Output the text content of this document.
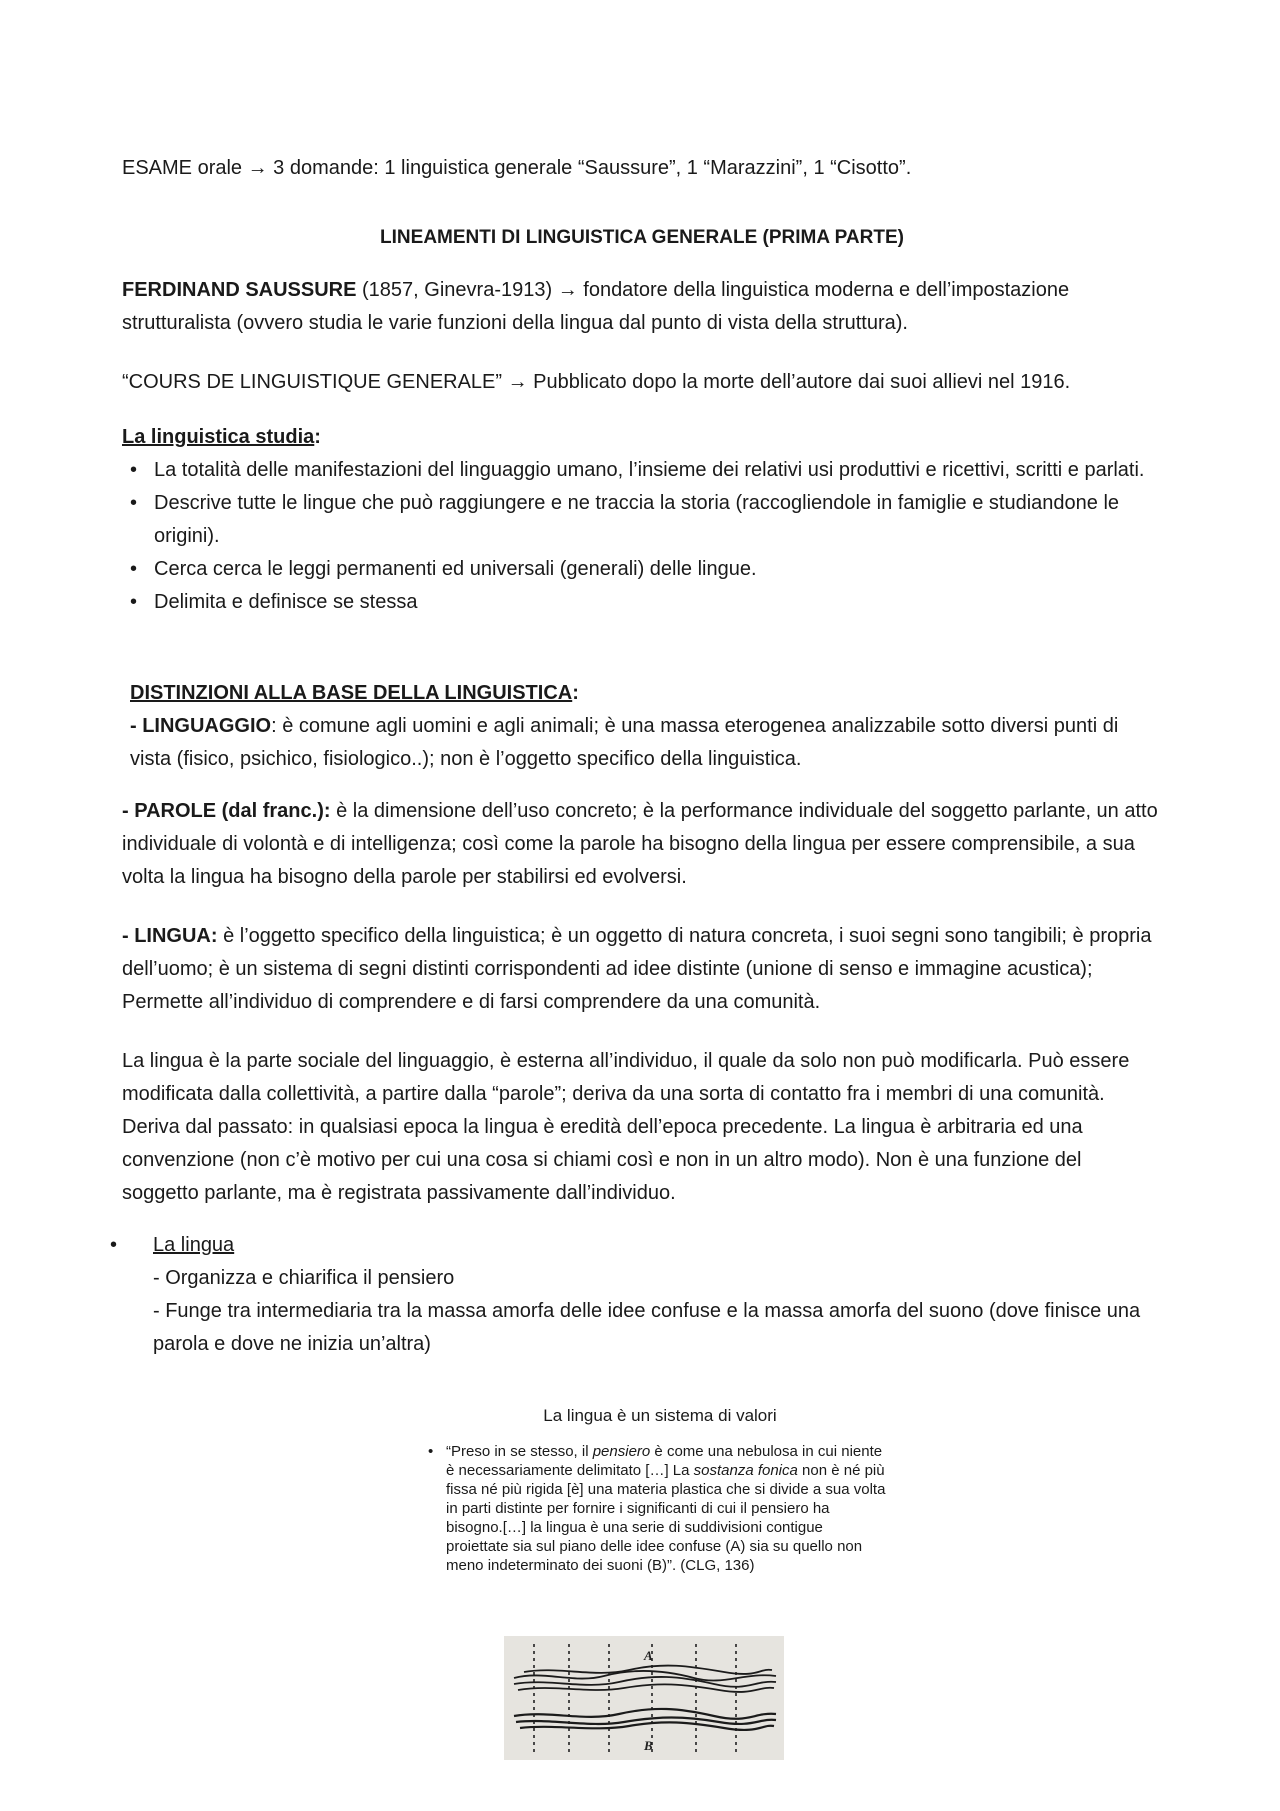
ESAME orale → 3 domande: 1 linguistica generale “Saussure”, 1 “Marazzini”, 1 “Cisotto”.
LINEAMENTI DI LINGUISTICA GENERALE (PRIMA PARTE)
FERDINAND SAUSSURE (1857, Ginevra-1913) → fondatore della linguistica moderna e dell’impostazione strutturalista (ovvero studia le varie funzioni della lingua dal punto di vista della struttura).
“COURS DE LINGUISTIQUE GENERALE” → Pubblicato dopo la morte dell’autore dai suoi allievi nel 1916.
La linguistica studia:
• La totalità delle manifestazioni del linguaggio umano, l’insieme dei relativi usi produttivi e ricettivi, scritti e parlati.
• Descrive tutte le lingue che può raggiungere e ne traccia la storia (raccogliendole in famiglie e studiandone le origini).
• Cerca cerca le leggi permanenti ed universali (generali) delle lingue.
• Delimita e definisce se stessa
DISTINZIONI ALLA BASE DELLA LINGUISTICA:
- LINGUAGGIO: è comune agli uomini e agli animali; è una massa eterogenea analizzabile sotto diversi punti di vista (fisico, psichico, fisiologico..); non è l’oggetto specifico della linguistica.
- PAROLE (dal franc.): è la dimensione dell’uso concreto; è la performance individuale del soggetto parlante, un atto individuale di volontà e di intelligenza; così come la parole ha bisogno della lingua per essere comprensibile, a sua volta la lingua ha bisogno della parole per stabilirsi ed evolversi.
- LINGUA: è l’oggetto specifico della linguistica; è un oggetto di natura concreta, i suoi segni sono tangibili; è propria dell’uomo; è un sistema di segni distinti corrispondenti ad idee distinte (unione di senso e immagine acustica); Permette all’individuo di comprendere e di farsi comprendere da una comunità.
La lingua è la parte sociale del linguaggio, è esterna all’individuo, il quale da solo non può modificarla. Può essere modificata dalla collettività, a partire dalla “parole”; deriva da una sorta di contatto fra i membri di una comunità. Deriva dal passato: in qualsiasi epoca la lingua è eredità dell’epoca precedente. La lingua è arbitraria ed una convenzione (non c’è motivo per cui una cosa si chiami così e non in un altro modo). Non è una funzione del soggetto parlante, ma è registrata passivamente dall’individuo.
• La lingua
- Organizza e chiarifica il pensiero
- Funge tra intermediaria tra la massa amorfa delle idee confuse e la massa amorfa del suono (dove finisce una parola e dove ne inizia un’altra)
La lingua è un sistema di valori
• “Preso in se stesso, il pensiero è come una nebulosa in cui niente è necessariamente delimitato […] La sostanza fonica non è né più fissa né più rigida [è] una materia plastica che si divide a sua volta in parti distinte per fornire i significanti di cui il pensiero ha bisogno.[…] la lingua è una serie di suddivisioni contigue proiettate sia sul piano delle idee confuse (A) sia su quello non meno indeterminato dei suoni (B)”. (CLG, 136)
A
B
